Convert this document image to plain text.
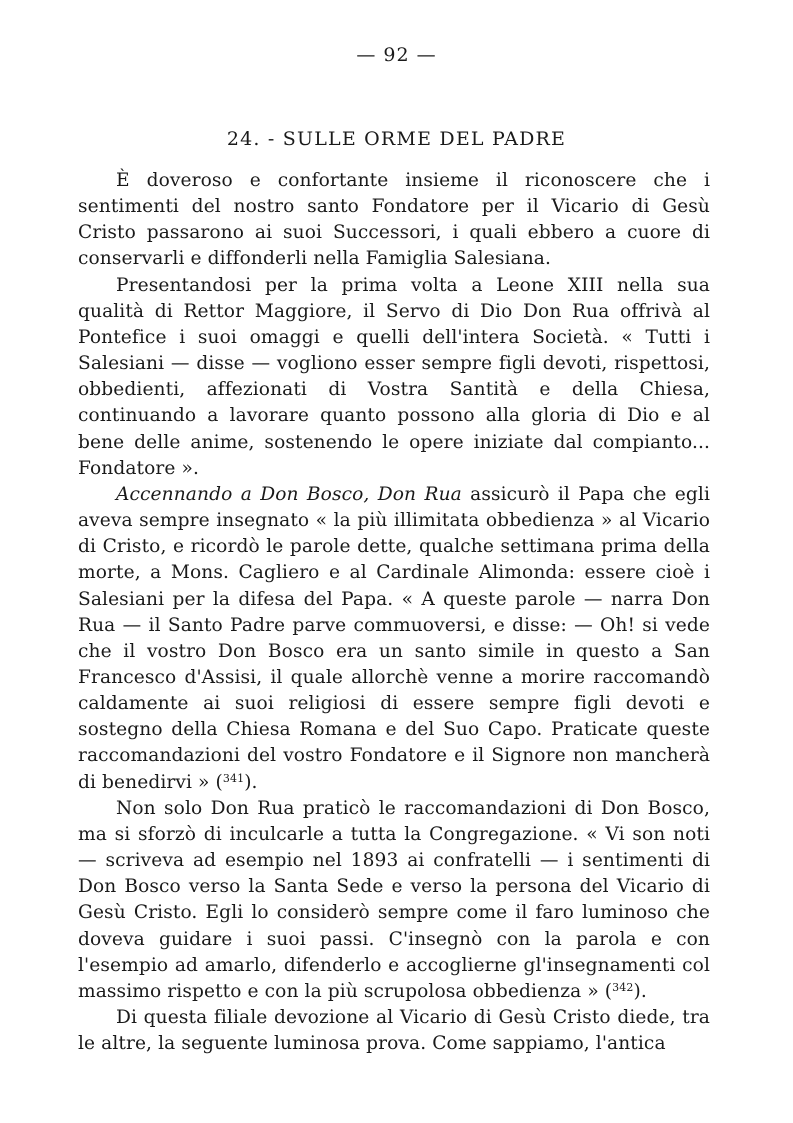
— 92 —
24. - SULLE ORME DEL PADRE

È doveroso e confortante insieme il riconoscere che i sentimenti del nostro santo Fondatore per il Vicario di Gesù Cristo passarono ai suoi Successori, i quali ebbero a cuore di conservarli e diffonderli nella Famiglia Salesiana.

Presentandosi per la prima volta a Leone XIII nella sua qualità di Rettor Maggiore, il Servo di Dio Don Rua offrivà al Pontefice i suoi omaggi e quelli dell'intera Società. « Tutti i Salesiani — disse — vogliono esser sempre figli devoti, rispettosi, obbedienti, affezionati di Vostra Santità e della Chiesa, continuando a lavorare quanto possono alla gloria di Dio e al bene delle anime, sostenendo le opere iniziate dal compianto... Fondatore ».

Accennando a Don Bosco, Don Rua assicurò il Papa che egli aveva sempre insegnato « la più illimitata obbedienza » al Vicario di Cristo, e ricordò le parole dette, qualche settimana prima della morte, a Mons. Cagliero e al Cardinale Alimonda: essere cioè i Salesiani per la difesa del Papa. « A queste parole — narra Don Rua — il Santo Padre parve commuoversi, e disse: — Oh! si vede che il vostro Don Bosco era un santo simile in questo a San Francesco d'Assisi, il quale allorchè venne a morire raccomandò caldamente ai suoi religiosi di essere sempre figli devoti e sostegno della Chiesa Romana e del Suo Capo. Praticate queste raccomandazioni del vostro Fondatore e il Signore non mancherà di benedirvi » ($^{341}$).

Non solo Don Rua praticò le raccomandazioni di Don Bosco, ma si sforzò di inculcarle a tutta la Congregazione. « Vi son noti — scriveva ad esempio nel 1893 ai confratelli — i sentimenti di Don Bosco verso la Santa Sede e verso la persona del Vicario di Gesù Cristo. Egli lo considerò sempre come il faro luminoso che doveva guidare i suoi passi. C'insegnò con la parola e con l'esempio ad amarlo, difenderlo e accoglierne gl'insegnamenti col massimo rispetto e con la più scrupolosa obbedienza » ($^{342}$).

Di questa filiale devozione al Vicario di Gesù Cristo diede, tra le altre, la seguente luminosa prova. Come sappiamo, l'antica
